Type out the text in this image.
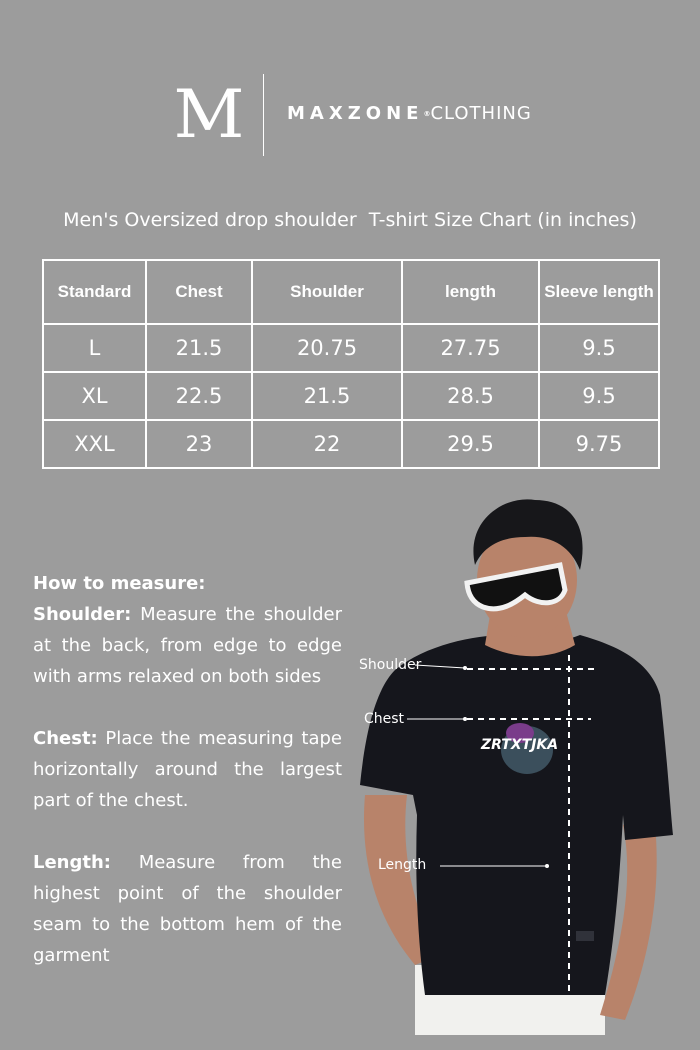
M	MAXZONE®CLOTHING
Men's Oversized drop shoulder  T-shirt Size Chart (in inches)
Standard	Chest	Shoulder	length	Sleeve length
L	21.5	20.75	27.75	9.5
XL	22.5	21.5	28.5	9.5
XXL	23	22	29.5	9.75
How to measure:

Shoulder: Measure the shoulder at the back, from edge to edge with arms relaxed on both sides

Chest: Place the measuring tape horizontally around the largest part of the chest.

Length: Measure from the highest point of the shoulder seam to the bottom hem of the garment

ZRTXTJKA
Shoulder
Chest
Length
